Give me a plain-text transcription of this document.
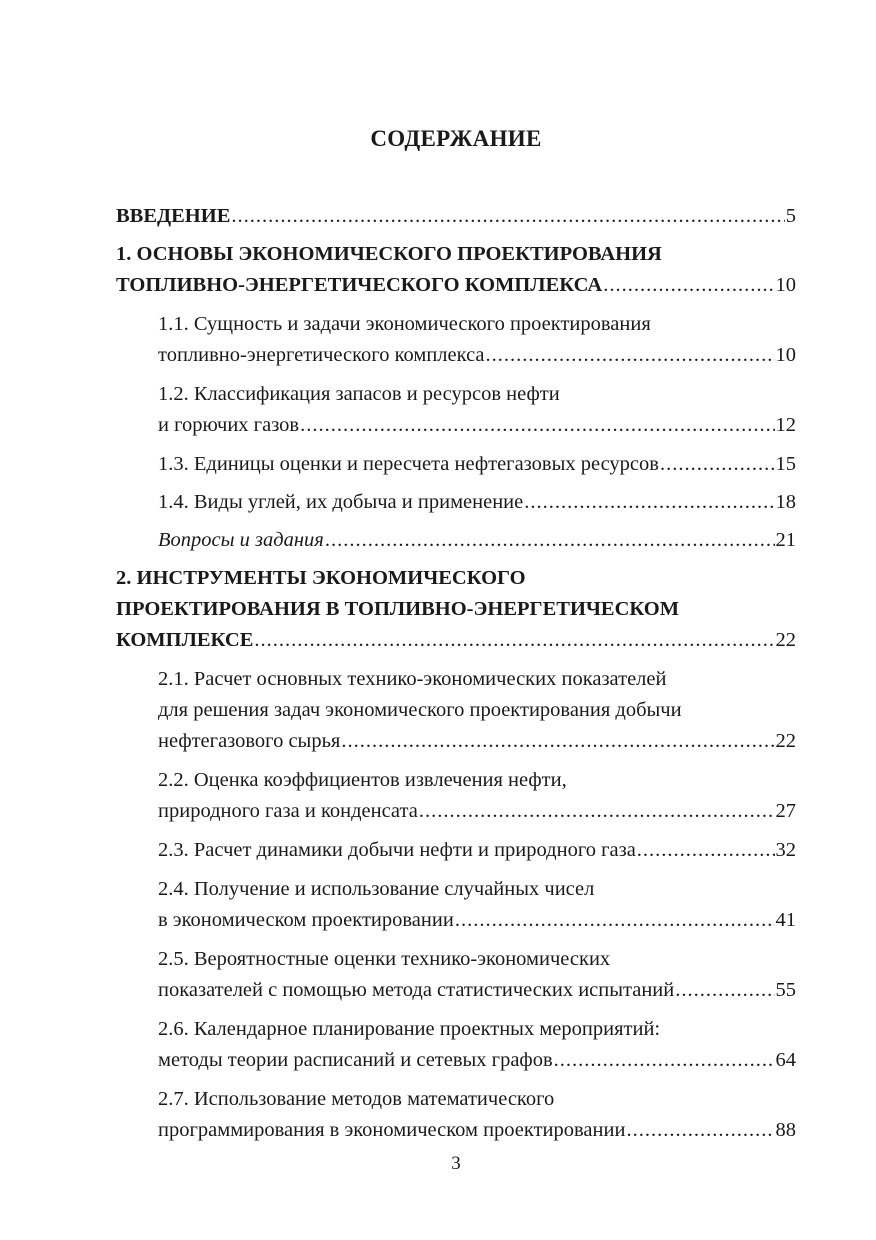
СОДЕРЖАНИЕ
ВВЕДЕНИЕ .....	5
1. ОСНОВЫ ЭКОНОМИЧЕСКОГО ПРОЕКТИРОВАНИЯ
ТОПЛИВНО-ЭНЕРГЕТИЧЕСКОГО КОМПЛЕКСА .....	10
1.1. Сущность и задачи экономического проектирования
топливно-энергетического комплекса .....	10
1.2. Классификация запасов и ресурсов нефти
и горючих газов .....	12
1.3. Единицы оценки и пересчета нефтегазовых ресурсов .....	15
1.4. Виды углей, их добыча и применение .....	18
Вопросы и задания .....	21
2. ИНСТРУМЕНТЫ ЭКОНОМИЧЕСКОГО
ПРОЕКТИРОВАНИЯ В ТОПЛИВНО-ЭНЕРГЕТИЧЕСКОМ
КОМПЛЕКСЕ .....	22
2.1. Расчет основных технико-экономических показателей
для решения задач экономического проектирования добычи
нефтегазового сырья .....	22
2.2. Оценка коэффициентов извлечения нефти,
природного газа и конденсата .....	27
2.3. Расчет динамики добычи нефти и природного газа .....	32
2.4. Получение и использование случайных чисел
в экономическом проектировании .....	41
2.5. Вероятностные оценки технико-экономических
показателей с помощью метода статистических испытаний .....	55
2.6. Календарное планирование проектных мероприятий:
методы теории расписаний и сетевых графов .....	64
2.7. Использование методов математического
программирования в экономическом проектировании .....	88
3
